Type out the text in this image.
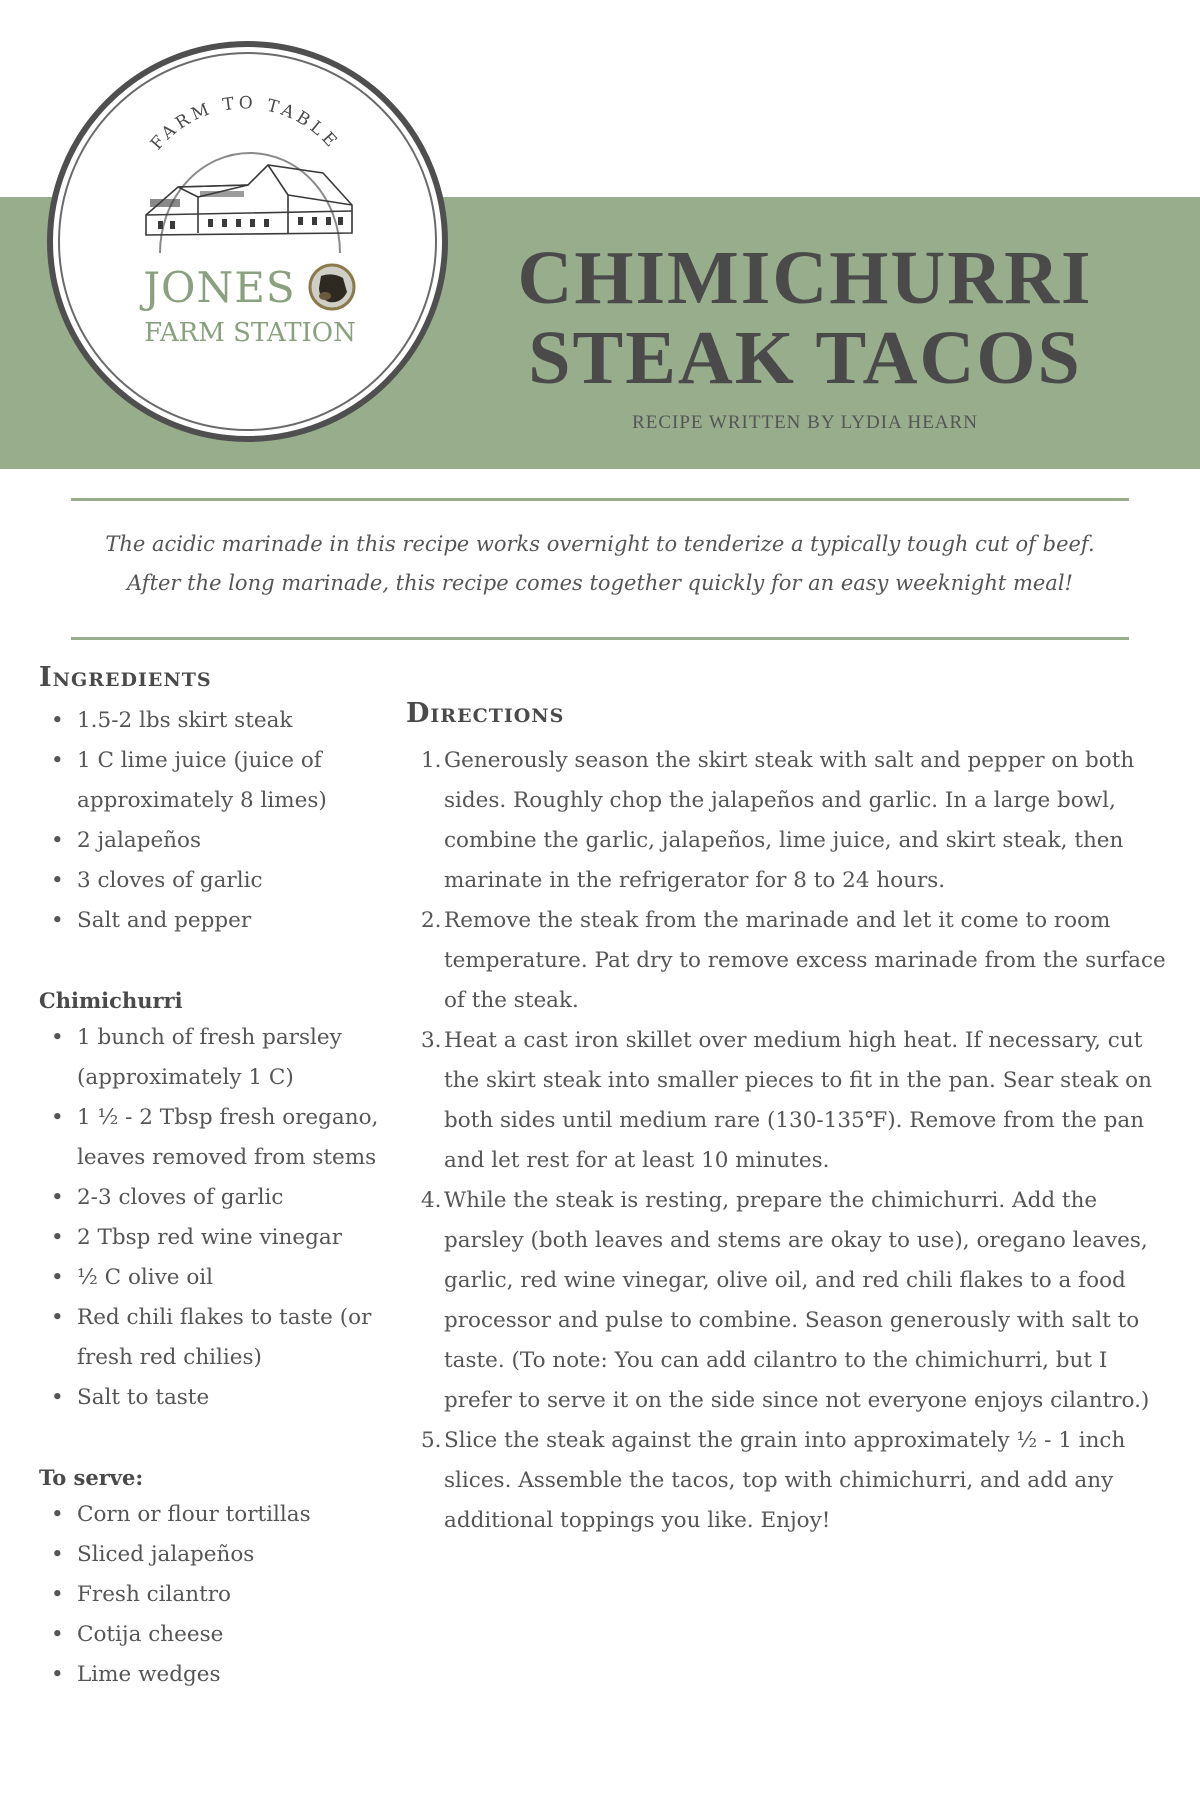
FARM TO TABLE
JONES
FARM STATION
CHIMICHURRI
STEAK TACOS
RECIPE WRITTEN BY LYDIA HEARN
The acidic marinade in this recipe works overnight to tenderize a typically tough cut of beef.
After the long marinade, this recipe comes together quickly for an easy weeknight meal!
Ingredients
• 1.5-2 lbs skirt steak
• 1 C lime juice (juice of approximately 8 limes)
• 2 jalapeños
• 3 cloves of garlic
• Salt and pepper
Chimichurri
• 1 bunch of fresh parsley (approximately 1 C)
• 1 ½ - 2 Tbsp fresh oregano, leaves removed from stems
• 2-3 cloves of garlic
• 2 Tbsp red wine vinegar
• ½ C olive oil
• Red chili flakes to taste (or fresh red chilies)
• Salt to taste
To serve:
• Corn or flour tortillas
• Sliced jalapeños
• Fresh cilantro
• Cotija cheese
• Lime wedges
Directions
1. Generously season the skirt steak with salt and pepper on both sides. Roughly chop the jalapeños and garlic. In a large bowl, combine the garlic, jalapeños, lime juice, and skirt steak, then marinate in the refrigerator for 8 to 24 hours.
2. Remove the steak from the marinade and let it come to room temperature. Pat dry to remove excess marinade from the surface of the steak.
3. Heat a cast iron skillet over medium high heat. If necessary, cut the skirt steak into smaller pieces to fit in the pan. Sear steak on both sides until medium rare (130-135℉). Remove from the pan and let rest for at least 10 minutes.
4. While the steak is resting, prepare the chimichurri. Add the parsley (both leaves and stems are okay to use), oregano leaves, garlic, red wine vinegar, olive oil, and red chili flakes to a food processor and pulse to combine. Season generously with salt to taste. (To note: You can add cilantro to the chimichurri, but I prefer to serve it on the side since not everyone enjoys cilantro.)
5. Slice the steak against the grain into approximately ½ - 1 inch slices. Assemble the tacos, top with chimichurri, and add any additional toppings you like. Enjoy!
